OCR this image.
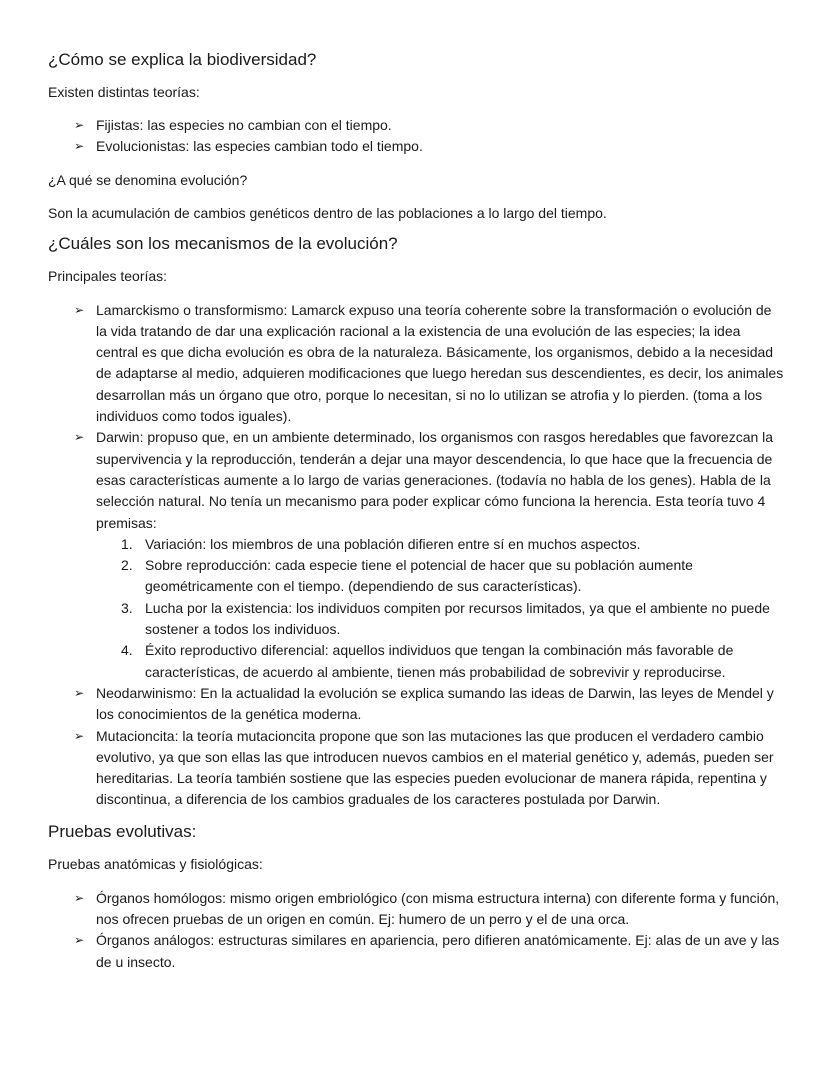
¿Cómo se explica la biodiversidad?

Existen distintas teorías:

➢ Fijistas: las especies no cambian con el tiempo.
➢ Evolucionistas: las especies cambian todo el tiempo.

¿A qué se denomina evolución?

Son la acumulación de cambios genéticos dentro de las poblaciones a lo largo del tiempo.

¿Cuáles son los mecanismos de la evolución?

Principales teorías:

➢ Lamarckismo o transformismo: Lamarck expuso una teoría coherente sobre la transformación o evolución de la vida tratando de dar una explicación racional a la existencia de una evolución de las especies; la idea central es que dicha evolución es obra de la naturaleza. Básicamente, los organismos, debido a la necesidad de adaptarse al medio, adquieren modificaciones que luego heredan sus descendientes, es decir, los animales desarrollan más un órgano que otro, porque lo necesitan, si no lo utilizan se atrofia y lo pierden. (toma a los individuos como todos iguales).
➢ Darwin: propuso que, en un ambiente determinado, los organismos con rasgos heredables que favorezcan la supervivencia y la reproducción, tenderán a dejar una mayor descendencia, lo que hace que la frecuencia de esas características aumente a lo largo de varias generaciones. (todavía no habla de los genes). Habla de la selección natural. No tenía un mecanismo para poder explicar cómo funciona la herencia. Esta teoría tuvo 4 premisas:
1. Variación: los miembros de una población difieren entre sí en muchos aspectos.
2. Sobre reproducción: cada especie tiene el potencial de hacer que su población aumente geométricamente con el tiempo. (dependiendo de sus características).
3. Lucha por la existencia: los individuos compiten por recursos limitados, ya que el ambiente no puede sostener a todos los individuos.
4. Éxito reproductivo diferencial: aquellos individuos que tengan la combinación más favorable de características, de acuerdo al ambiente, tienen más probabilidad de sobrevivir y reproducirse.
➢ Neodarwinismo: En la actualidad la evolución se explica sumando las ideas de Darwin, las leyes de Mendel y los conocimientos de la genética moderna.
➢ Mutacioncita: la teoría mutacioncita propone que son las mutaciones las que producen el verdadero cambio evolutivo, ya que son ellas las que introducen nuevos cambios en el material genético y, además, pueden ser hereditarias. La teoría también sostiene que las especies pueden evolucionar de manera rápida, repentina y discontinua, a diferencia de los cambios graduales de los caracteres postulada por Darwin.
Pruebas evolutivas:

Pruebas anatómicas y fisiológicas:

➢ Órganos homólogos: mismo origen embriológico (con misma estructura interna) con diferente forma y función, nos ofrecen pruebas de un origen en común. Ej: humero de un perro y el de una orca.
➢ Órganos análogos: estructuras similares en apariencia, pero difieren anatómicamente. Ej: alas de un ave y las de u insecto.
